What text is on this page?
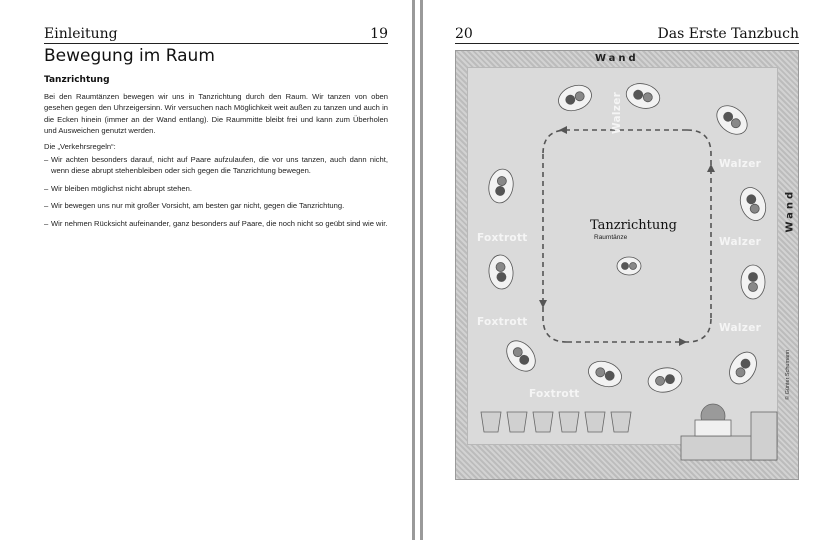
Einleitung	19
Bewegung im Raum
Tanzrichtung

Bei den Raumtänzen bewegen wir uns in Tanzrichtung durch den Raum. Wir tanzen von oben gesehen gegen den Uhrzeigersinn. Wir versuchen nach Möglichkeit weit außen zu tanzen und auch in die Ecken hinein (immer an der Wand entlang). Die Raummitte bleibt frei und kann zum Überholen und Ausweichen genutzt werden.

Die „Verkehrsregeln“:

– Wir achten besonders darauf, nicht auf Paare aufzulaufen, die vor uns tanzen, auch dann nicht, wenn diese abrupt stehenbleiben oder sich gegen die Tanzrichtung bewegen.
– Wir bleiben möglichst nicht abrupt stehen.
– Wir bewegen uns nur mit großer Vorsicht, am besten gar nicht, gegen die Tanzrichtung.
– Wir nehmen Rücksicht aufeinander, ganz besonders auf Paare, die noch nicht so geübt sind wie wir.
20	Das Erste Tanzbuch
Wand
Walzer
Walzer
Walzer
Walzer
Foxtrott
Foxtrott
Foxtrott
Tanzrichtung
Raumtänze
© Günter Schumann
